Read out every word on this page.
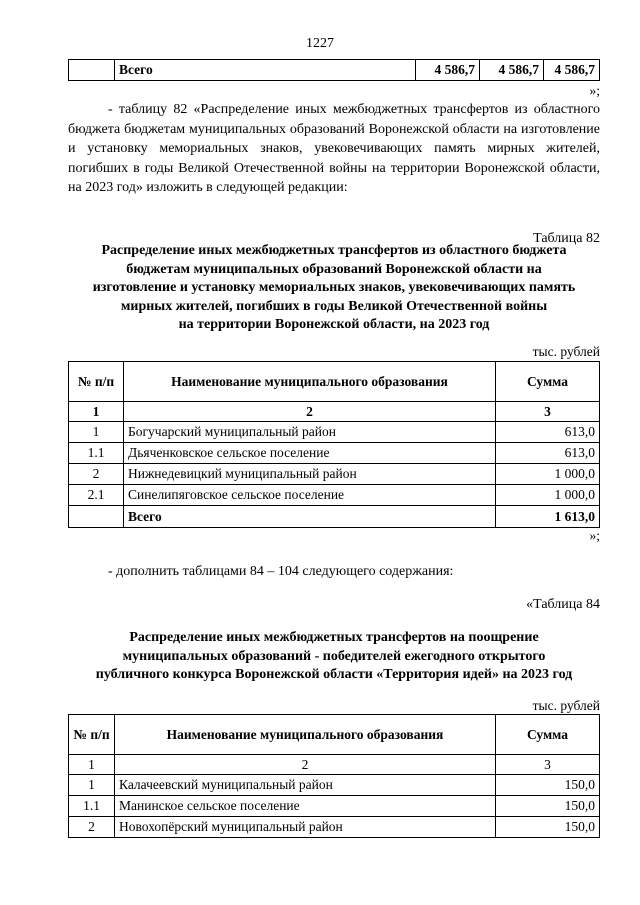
1227
	Всего	4 586,7	4 586,7	4 586,7
»;
- таблицу 82 «Распределение иных межбюджетных трансфертов из областного бюджета бюджетам муниципальных образований Воронежской области на изготовление и установку мемориальных знаков, увековечивающих память мирных жителей, погибших в годы Великой Отечественной войны на территории Воронежской области, на 2023 год» изложить в следующей редакции:
Таблица 82
Распределение иных межбюджетных трансфертов из областного бюджета
бюджетам муниципальных образований Воронежской области на
изготовление и установку мемориальных знаков, увековечивающих память
мирных жителей, погибших в годы Великой Отечественной войны
на территории Воронежской области, на 2023 год
тыс. рублей
№ п/п	Наименование муниципального образования	Сумма
1	2	3
1	Богучарский муниципальный район	613,0
1.1	Дьяченковское сельское поселение	613,0
2	Нижнедевицкий муниципальный район	1 000,0
2.1	Синелипяговское сельское поселение	1 000,0
	Всего	1 613,0
»;
- дополнить таблицами 84 – 104 следующего содержания:
«Таблица 84
Распределение иных межбюджетных трансфертов на поощрение
муниципальных образований - победителей ежегодного открытого
публичного конкурса Воронежской области «Территория идей» на 2023 год
тыс. рублей
№ п/п	Наименование муниципального образования	Сумма
1	2	3
1	Калачеевский муниципальный район	150,0
1.1	Манинское сельское поселение	150,0
2	Новохопёрский муниципальный район	150,0
